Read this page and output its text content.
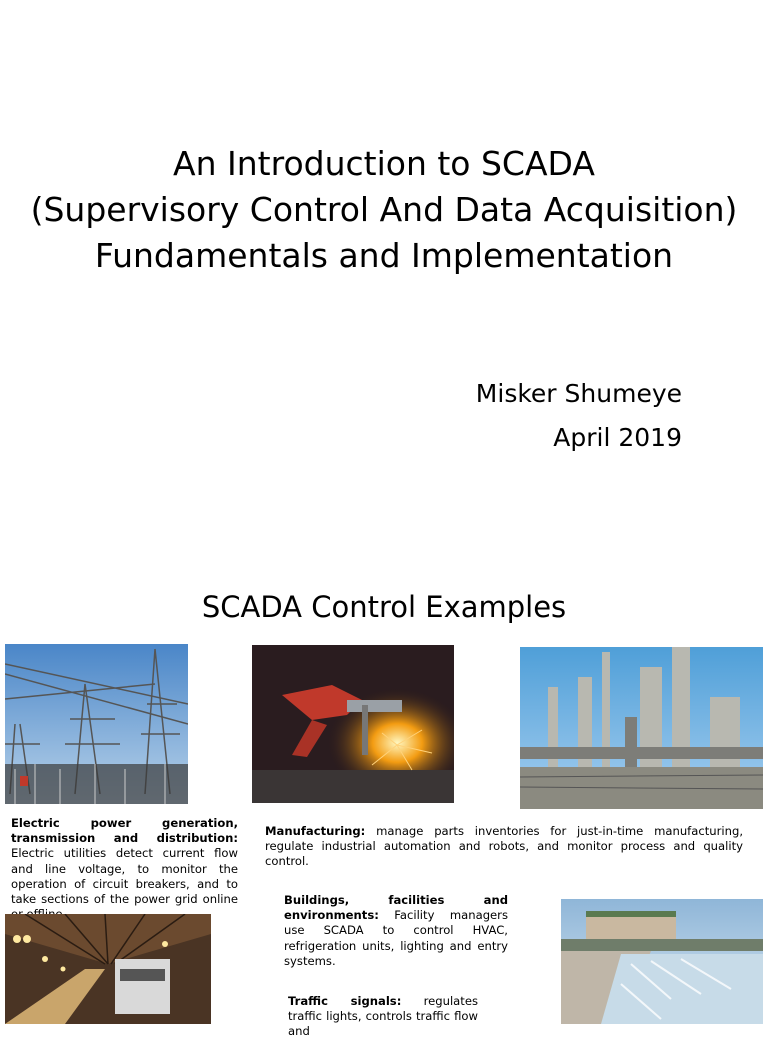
An Introduction to SCADA
(Supervisory Control And Data Acquisition)
Fundamentals and Implementation
Misker Shumeye
April 2019
SCADA Control Examples
Electric power generation, transmission and distribution: Electric utilities detect current flow and line voltage, to monitor the operation of circuit breakers, and to take sections of the power grid online
Manufacturing: manage parts inventories for just-in-time manufacturing, regulate industrial automation and robots, and monitor process and quality control.
Buildings, facilities and environments: Facility managers use SCADA to control HVAC, refrigeration units, lighting and entry systems.
Traffic signals: regulates traffic lights, controls traffic flow and
